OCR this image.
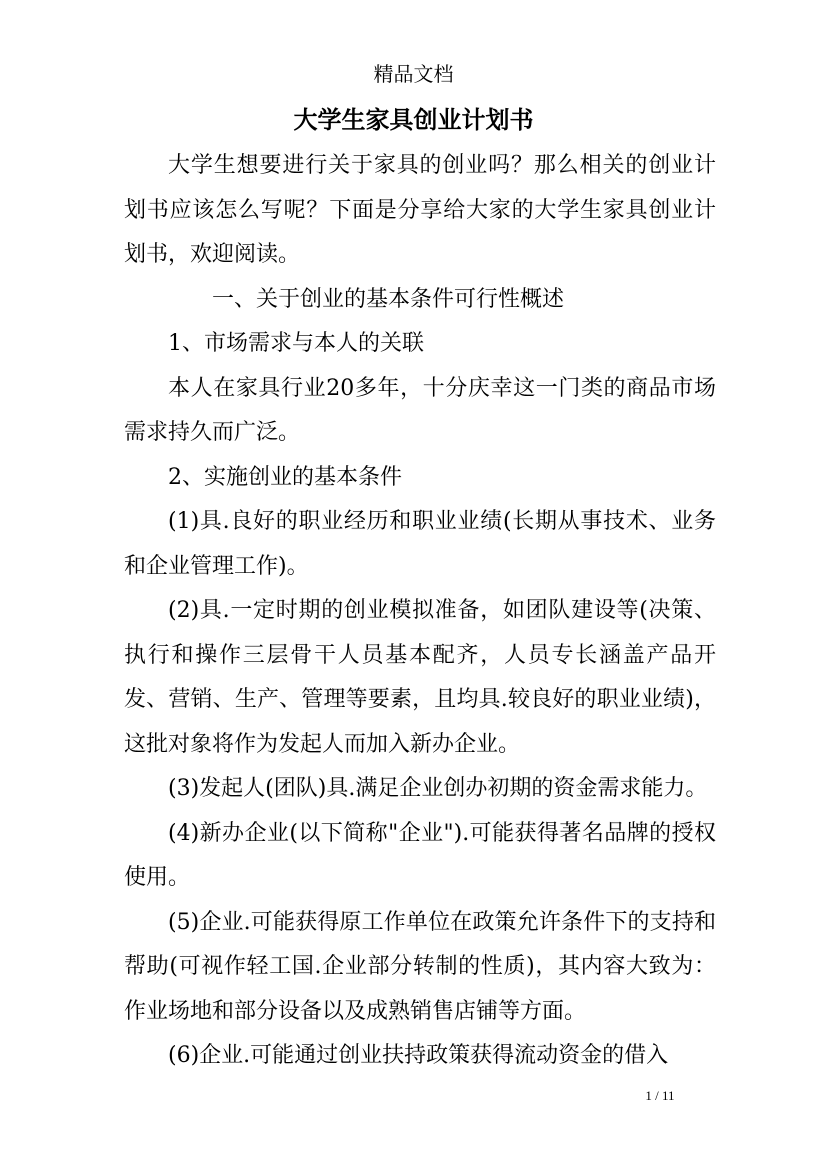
精品文档
大学生家具创业计划书

大学生想要进行关于家具的创业吗？那么相关的创业计划书应该怎么写呢？下面是分享给大家的大学生家具创业计划书，欢迎阅读。

一、关于创业的基本条件可行性概述

1、市场需求与本人的关联

本人在家具行业20多年，十分庆幸这一门类的商品市场需求持久而广泛。

2、实施创业的基本条件

(1)具.良好的职业经历和职业业绩(长期从事技术、业务和企业管理工作)。

(2)具.一定时期的创业模拟准备，如团队建设等(决策、执行和操作三层骨干人员基本配齐，人员专长涵盖产品开发、营销、生产、管理等要素，且均具.较良好的职业业绩)，这批对象将作为发起人而加入新办企业。

(3)发起人(团队)具.满足企业创办初期的资金需求能力。

(4)新办企业(以下简称"企业").可能获得著名品牌的授权使用。

(5)企业.可能获得原工作单位在政策允许条件下的支持和帮助(可视作轻工国.企业部分转制的性质)，其内容大致为：作业场地和部分设备以及成熟销售店铺等方面。

(6)企业.可能通过创业扶持政策获得流动资金的借入

1 / 11
